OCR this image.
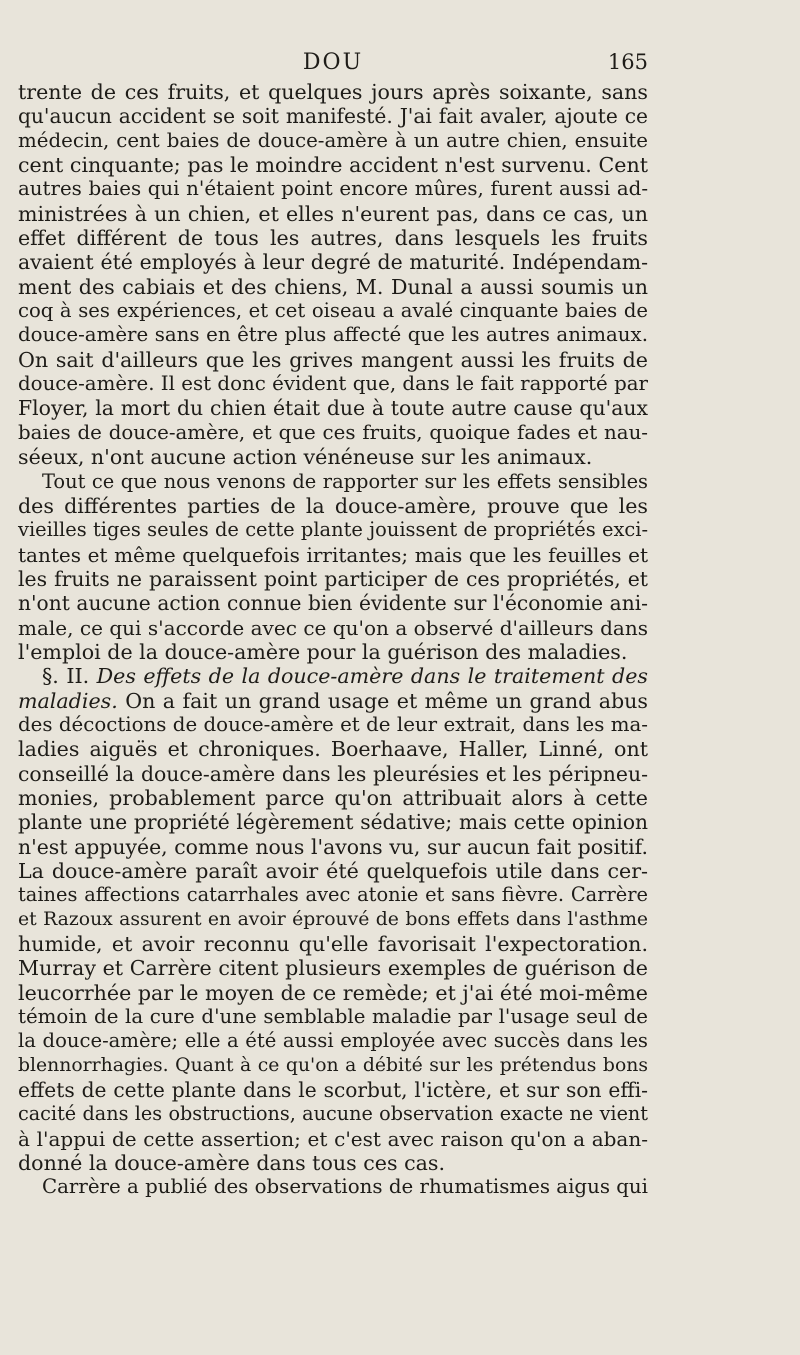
DOU	165
trente de ces fruits, et quelques jours après soixante, sans
qu'aucun accident se soit manifesté. J'ai fait avaler, ajoute ce
médecin, cent baies de douce-amère à un autre chien, ensuite
cent cinquante; pas le moindre accident n'est survenu. Cent
autres baies qui n'étaient point encore mûres, furent aussi ad-
ministrées à un chien, et elles n'eurent pas, dans ce cas, un
effet différent de tous les autres, dans lesquels les fruits
avaient été employés à leur degré de maturité. Indépendam-
ment des cabiais et des chiens, M. Dunal a aussi soumis un
coq à ses expériences, et cet oiseau a avalé cinquante baies de
douce-amère sans en être plus affecté que les autres animaux.
On sait d'ailleurs que les grives mangent aussi les fruits de
douce-amère. Il est donc évident que, dans le fait rapporté par
Floyer, la mort du chien était due à toute autre cause qu'aux
baies de douce-amère, et que ces fruits, quoique fades et nau-
séeux, n'ont aucune action vénéneuse sur les animaux.
Tout ce que nous venons de rapporter sur les effets sensibles
des différentes parties de la douce-amère, prouve que les
vieilles tiges seules de cette plante jouissent de propriétés exci-
tantes et même quelquefois irritantes; mais que les feuilles et
les fruits ne paraissent point participer de ces propriétés, et
n'ont aucune action connue bien évidente sur l'économie ani-
male, ce qui s'accorde avec ce qu'on a observé d'ailleurs dans
l'emploi de la douce-amère pour la guérison des maladies.
§. II. Des effets de la douce-amère dans le traitement des
maladies. On a fait un grand usage et même un grand abus
des décoctions de douce-amère et de leur extrait, dans les ma-
ladies aiguës et chroniques. Boerhaave, Haller, Linné, ont
conseillé la douce-amère dans les pleurésies et les péripneu-
monies, probablement parce qu'on attribuait alors à cette
plante une propriété légèrement sédative; mais cette opinion
n'est appuyée, comme nous l'avons vu, sur aucun fait positif.
La douce-amère paraît avoir été quelquefois utile dans cer-
taines affections catarrhales avec atonie et sans fièvre. Carrère
et Razoux assurent en avoir éprouvé de bons effets dans l'asthme
humide, et avoir reconnu qu'elle favorisait l'expectoration.
Murray et Carrère citent plusieurs exemples de guérison de
leucorrhée par le moyen de ce remède; et j'ai été moi-même
témoin de la cure d'une semblable maladie par l'usage seul de
la douce-amère; elle a été aussi employée avec succès dans les
blennorrhagies. Quant à ce qu'on a débité sur les prétendus bons
effets de cette plante dans le scorbut, l'ictère, et sur son effi-
cacité dans les obstructions, aucune observation exacte ne vient
à l'appui de cette assertion; et c'est avec raison qu'on a aban-
donné la douce-amère dans tous ces cas.
Carrère a publié des observations de rhumatismes aigus qui
